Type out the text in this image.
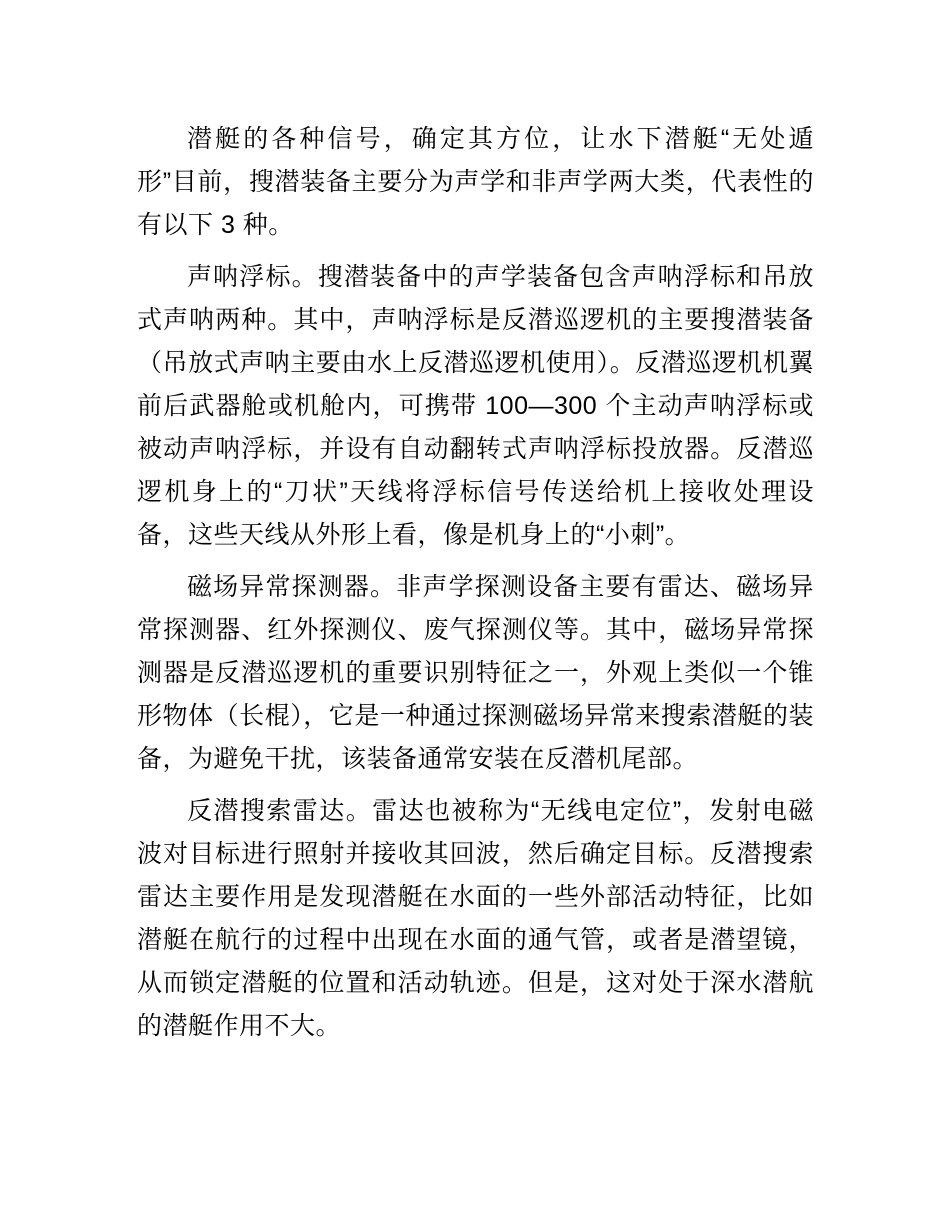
潜艇的各种信号，确定其方位，让水下潜艇“无处遁形”目前，搜潜装备主要分为声学和非声学两大类，代表性的有以下 3 种。

声呐浮标。搜潜装备中的声学装备包含声呐浮标和吊放式声呐两种。其中，声呐浮标是反潜巡逻机的主要搜潜装备（吊放式声呐主要由水上反潜巡逻机使用）。反潜巡逻机机翼前后武器舱或机舱内，可携带 100—300 个主动声呐浮标或被动声呐浮标，并设有自动翻转式声呐浮标投放器。反潜巡逻机身上的“刀状”天线将浮标信号传送给机上接收处理设备，这些天线从外形上看，像是机身上的“小刺”。

磁场异常探测器。非声学探测设备主要有雷达、磁场异常探测器、红外探测仪、废气探测仪等。其中，磁场异常探测器是反潜巡逻机的重要识别特征之一，外观上类似一个锥形物体（长棍），它是一种通过探测磁场异常来搜索潜艇的装备，为避免干扰，该装备通常安装在反潜机尾部。

反潜搜索雷达。雷达也被称为“无线电定位”，发射电磁波对目标进行照射并接收其回波，然后确定目标。反潜搜索雷达主要作用是发现潜艇在水面的一些外部活动特征，比如潜艇在航行的过程中出现在水面的通气管，或者是潜望镜，从而锁定潜艇的位置和活动轨迹。但是，这对处于深水潜航的潜艇作用不大。
